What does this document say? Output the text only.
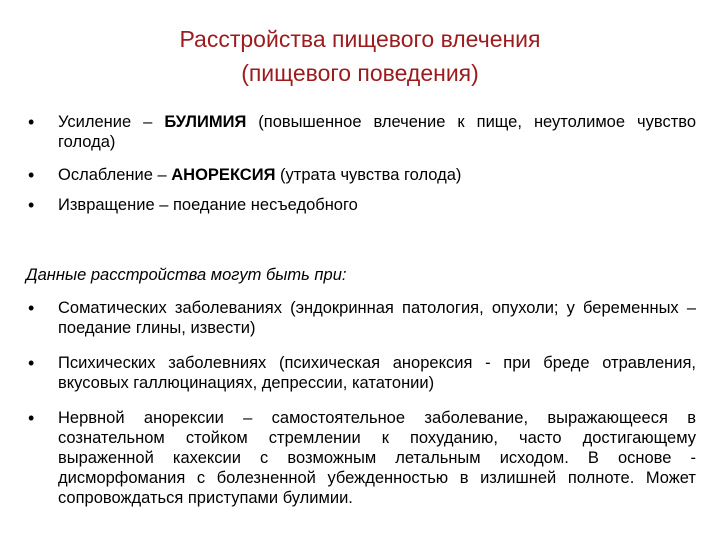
Расстройства пищевого влечения
(пищевого поведения)
• Усиление – БУЛИМИЯ (повышенное влечение к пище, неутолимое чувство голода)
• Ослабление – АНОРЕКСИЯ (утрата чувства голода)
• Извращение – поедание несъедобного
Данные расстройства могут быть при:
• Соматических заболеваниях (эндокринная патология, опухоли; у беременных – поедание глины, извести)
• Психических заболевниях (психическая анорексия - при бреде отравления, вкусовых галлюцинациях, депрессии, кататонии)
• Нервной анорексии – самостоятельное заболевание, выражающееся в сознательном стойком стремлении к похуданию, часто достигающему выраженной кахексии с возможным летальным исходом. В основе - дисморфомания с болезненной убежденностью в излишней полноте. Может сопровождаться приступами булимии.
